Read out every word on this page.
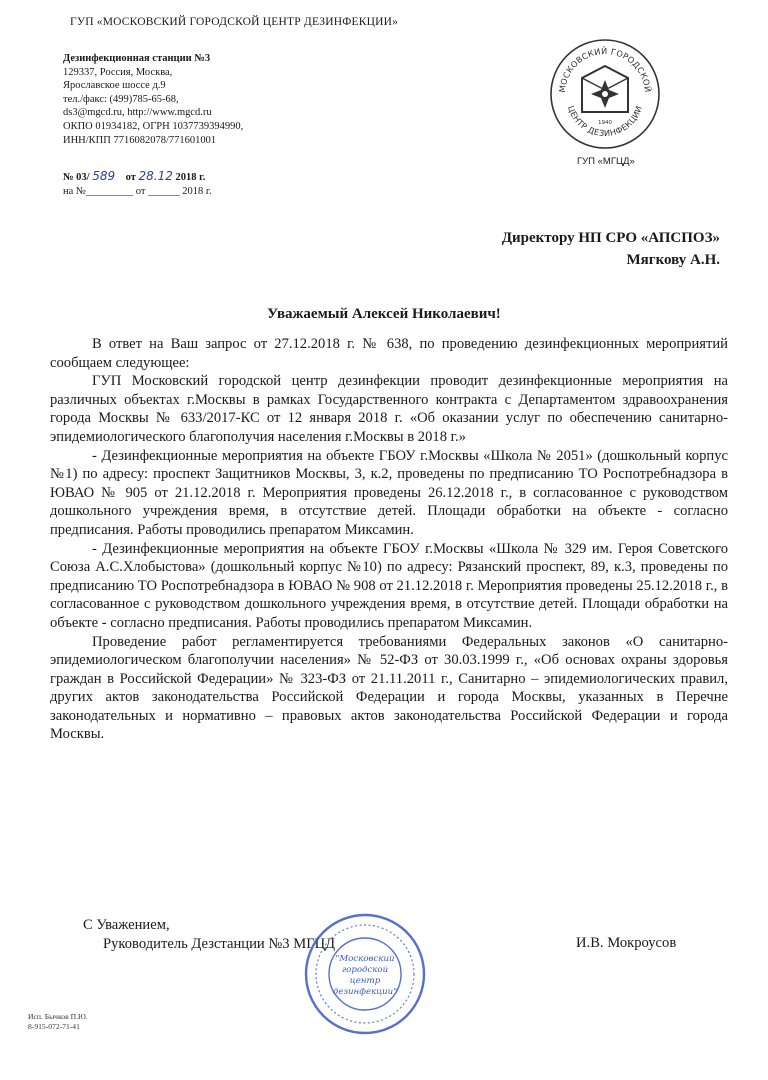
ГУП «МОСКОВСКИЙ ГОРОДСКОЙ ЦЕНТР ДЕЗИНФЕКЦИИ»
Дезинфекционная станции №3
129337, Россия, Москва,
Ярославское шоссе д.9
тел./факс: (499)785-65-68,
ds3@mgcd.ru, http://www.mgcd.ru
ОКПО 01934182, ОГРН 1037739394990,
ИНН/КПП 7716082078/771601001
№ 03/ 589 от 28.12 2018 г.
на №_________ от ______ 2018 г.
МОСКОВСКИЙ ГОРОДСКОЙ
ЦЕНТР ДЕЗИНФЕКЦИИ
1940
ГУП «МГЦД»
Директору НП СРО «АПСПОЗ»
Мягкову А.Н.
Уважаемый Алексей Николаевич!

В ответ на Ваш запрос от 27.12.2018 г. № 638, по проведению дезинфекционных мероприятий сообщаем следующее:

ГУП Московский городской центр дезинфекции проводит дезинфекционные мероприятия на различных объектах г.Москвы в рамках Государственного контракта с Департаментом здравоохранения города Москвы № 633/2017-КС от 12 января 2018 г. «Об оказании услуг по обеспечению санитарно-эпидемиологического благополучия населения г.Москвы в 2018 г.»

- Дезинфекционные мероприятия на объекте ГБОУ г.Москвы «Школа № 2051» (дошкольный корпус №1) по адресу: проспект Защитников Москвы, 3, к.2, проведены по предписанию ТО Роспотребнадзора в ЮВАО № 905 от 21.12.2018 г. Мероприятия проведены 26.12.2018 г., в согласованное с руководством дошкольного учреждения время, в отсутствие детей. Площади обработки на объекте - согласно предписания. Работы проводились препаратом Миксамин.

- Дезинфекционные мероприятия на объекте ГБОУ г.Москвы «Школа № 329 им. Героя Советского Союза А.С.Хлобыстова» (дошкольный корпус №10) по адресу: Рязанский проспект, 89, к.3, проведены по предписанию ТО Роспотребнадзора в ЮВАО № 908 от 21.12.2018 г. Мероприятия проведены 25.12.2018 г., в согласованное с руководством дошкольного учреждения время, в отсутствие детей. Площади обработки на объекте - согласно предписания. Работы проводились препаратом Миксамин.

Проведение работ регламентируется требованиями Федеральных законов «О санитарно-эпидемиологическом благополучии населения» № 52-ФЗ от 30.03.1999 г., «Об основах охраны здоровья граждан в Российской Федерации» № 323-ФЗ от 21.11.2011 г., Санитарно – эпидемиологических правил, других актов законодательства Российской Федерации и города Москвы, указанных в Перечне законодательных и нормативно – правовых актов законодательства Российской Федерации и города Москвы.

С Уважением,
Руководитель Дезстанции №3 МГЦД	И.В. Мокроусов
"Московский
городской
центр
дезинфекции"
Исп. Бычков П.Ю.
8-915-072-71-41
